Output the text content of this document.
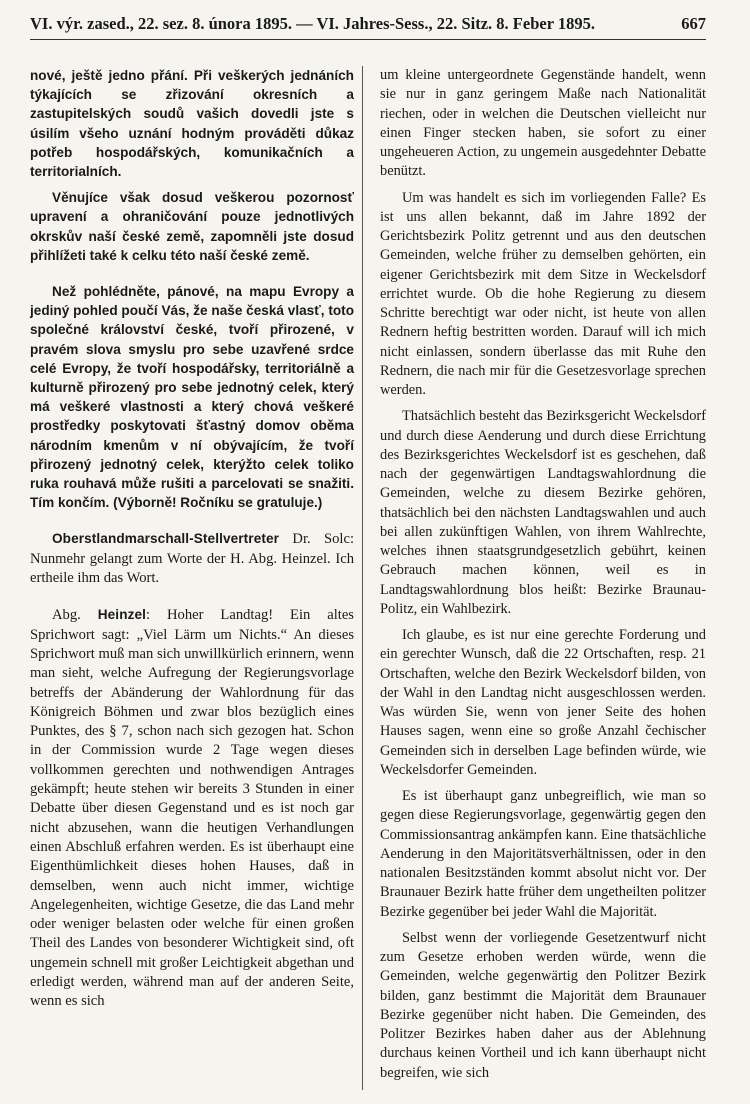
VI. výr. zased., 22. sez. 8. února 1895. — VI. Jahres-Sess., 22. Sitz. 8. Feber 1895.	667

nové, ještě jedno přání. Při veškerých jednáních týkajících se zřizování okresních a zastupitelských soudů vašich dovedli jste s úsilím všeho uznání hodným prováděti důkaz potřeb hospodářských, komunikačních a territorialních.

Věnujíce však dosud veškerou pozornosť upravení a ohraničování pouze jednotlivých okrskův naší české země, zapomněli jste dosud přihlížeti také k celku této naší české země.

Než pohlédněte, pánové, na mapu Evropy a jediný pohled poučí Vás, že naše česká vlasť, toto společné království české, tvoří přirozené, v pravém slova smyslu pro sebe uzavřené srdce celé Evropy, že tvoří hospodářsky, territoriálně a kulturně přirozený pro sebe jednotný celek, který má veškeré vlastnosti a který chová veškeré prostředky poskytovati šťastný domov oběma národním kmenům v ní obývajícím, že tvoří přirozený jednotný celek, kterýžto celek toliko ruka rouhavá může rušiti a parcelovati se snažiti. Tím končím. (Výborně! Ročníku se gratuluje.)

Oberstlandmarschall-Stellvertreter Dr. Solc: Nunmehr gelangt zum Worte der H. Abg. Heinzel. Ich ertheile ihm das Wort.

Abg. Heinzel: Hoher Landtag! Ein altes Sprichwort sagt: „Viel Lärm um Nichts.“ An dieses Sprichwort muß man sich unwillkürlich erinnern, wenn man sieht, welche Aufregung der Regierungsvorlage betreffs der Abänderung der Wahlordnung für das Königreich Böhmen und zwar blos bezüglich eines Punktes, des § 7, schon nach sich gezogen hat. Schon in der Commission wurde 2 Tage wegen dieses vollkommen gerechten und nothwendigen Antrages gekämpft; heute stehen wir bereits 3 Stunden in einer Debatte über diesen Gegenstand und es ist noch gar nicht abzusehen, wann die heutigen Verhandlungen einen Abschluß erfahren werden. Es ist überhaupt eine Eigenthümlichkeit dieses hohen Hauses, daß in demselben, wenn auch nicht immer, wichtige Angelegenheiten, wichtige Gesetze, die das Land mehr oder weniger belasten oder welche für einen großen Theil des Landes von besonderer Wichtigkeit sind, oft ungemein schnell mit großer Leichtigkeit abgethan und erledigt werden, während man auf der anderen Seite, wenn es sich

um kleine untergeordnete Gegenstände handelt, wenn sie nur in ganz geringem Maße nach Nationalität riechen, oder in welchen die Deutschen vielleicht nur einen Finger stecken haben, sie sofort zu einer ungeheueren Action, zu ungemein ausgedehnter Debatte benützt.

Um was handelt es sich im vorliegenden Falle? Es ist uns allen bekannt, daß im Jahre 1892 der Gerichtsbezirk Politz getrennt und aus den deutschen Gemeinden, welche früher zu demselben gehörten, ein eigener Gerichtsbezirk mit dem Sitze in Weckelsdorf errichtet wurde. Ob die hohe Regierung zu diesem Schritte berechtigt war oder nicht, ist heute von allen Rednern heftig bestritten worden. Darauf will ich mich nicht einlassen, sondern überlasse das mit Ruhe den Rednern, die nach mir für die Gesetzesvorlage sprechen werden.

Thatsächlich besteht das Bezirksgericht Weckelsdorf und durch diese Aenderung und durch diese Errichtung des Bezirksgerichtes Weckelsdorf ist es geschehen, daß nach der gegenwärtigen Landtagswahlordnung die Gemeinden, welche zu diesem Bezirke gehören, thatsächlich bei den nächsten Landtagswahlen und auch bei allen zukünftigen Wahlen, von ihrem Wahlrechte, welches ihnen staatsgrundgesetzlich gebührt, keinen Gebrauch machen können, weil es in Landtagswahlordnung blos heißt: Bezirke Braunau-Politz, ein Wahlbezirk.

Ich glaube, es ist nur eine gerechte Forderung und ein gerechter Wunsch, daß die 22 Ortschaften, resp. 21 Ortschaften, welche den Bezirk Weckelsdorf bilden, von der Wahl in den Landtag nicht ausgeschlossen werden. Was würden Sie, wenn von jener Seite des hohen Hauses sagen, wenn eine so große Anzahl čechischer Gemeinden sich in derselben Lage befinden würde, wie Weckelsdorfer Gemeinden.

Es ist überhaupt ganz unbegreiflich, wie man so gegen diese Regierungsvorlage, gegenwärtig gegen den Commissionsantrag ankämpfen kann. Eine thatsächliche Aenderung in den Majoritätsverhältnissen, oder in den nationalen Besitzständen kommt absolut nicht vor. Der Braunauer Bezirk hatte früher dem ungetheilten politzer Bezirke gegenüber bei jeder Wahl die Majorität.

Selbst wenn der vorliegende Gesetzentwurf nicht zum Gesetze erhoben werden würde, wenn die Gemeinden, welche gegenwärtig den Politzer Bezirk bilden, ganz bestimmt die Majorität dem Braunauer Bezirke gegenüber nicht haben. Die Gemeinden, des Politzer Bezirkes haben daher aus der Ablehnung durchaus keinen Vortheil und ich kann überhaupt nicht begreifen, wie sich
